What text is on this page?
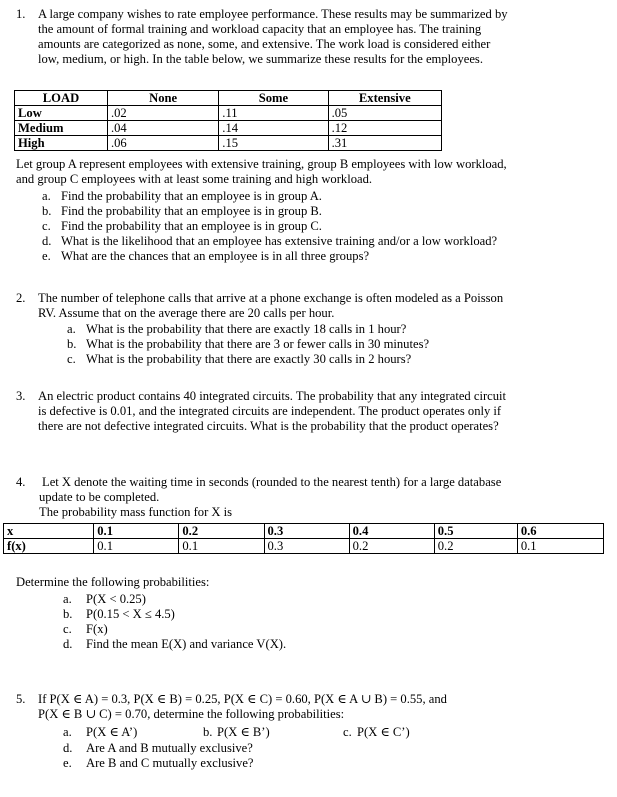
1. A large company wishes to rate employee performance. These results may be summarized by
the amount of formal training and workload capacity that an employee has. The training
amounts are categorized as none, some, and extensive. The work load is considered either
low, medium, or high. In the table below, we summarize these results for the employees.
LOAD	None	Some	Extensive
Low	.02	.11	.05
Medium	.04	.14	.12
High	.06	.15	.31
Let group A represent employees with extensive training, group B employees with low workload,
and group C employees with at least some training and high workload.
a. Find the probability that an employee is in group A.
b. Find the probability that an employee is in group B.
c. Find the probability that an employee is in group C.
d. What is the likelihood that an employee has extensive training and/or a low workload?
e. What are the chances that an employee is in all three groups?
2. The number of telephone calls that arrive at a phone exchange is often modeled as a Poisson
RV. Assume that on the average there are 20 calls per hour.
a. What is the probability that there are exactly 18 calls in 1 hour?
b. What is the probability that there are 3 or fewer calls in 30 minutes?
c. What is the probability that there are exactly 30 calls in 2 hours?
3. An electric product contains 40 integrated circuits. The probability that any integrated circuit
is defective is 0.01, and the integrated circuits are independent. The product operates only if
there are not defective integrated circuits. What is the probability that the product operates?
4. Let X denote the waiting time in seconds (rounded to the nearest tenth) for a large database
update to be completed.
The probability mass function for X is
x	0.1	0.2	0.3	0.4	0.5	0.6
f(x)	0.1	0.1	0.3	0.2	0.2	0.1
Determine the following probabilities:
a. P(X < 0.25)
b. P(0.15 < X ≤ 4.5)
c. F(x)
d. Find the mean E(X) and variance V(X).
5. If P(X ∈ A) = 0.3, P(X ∈ B) = 0.25, P(X ∈ C) = 0.60, P(X ∈ A ∪ B) = 0.55, and
P(X ∈ B ∪ C) = 0.70, determine the following probabilities:
a. P(X ∈ A’)	b. P(X ∈ B’)	c. P(X ∈ C’)
d. Are A and B mutually exclusive?
e. Are B and C mutually exclusive?
